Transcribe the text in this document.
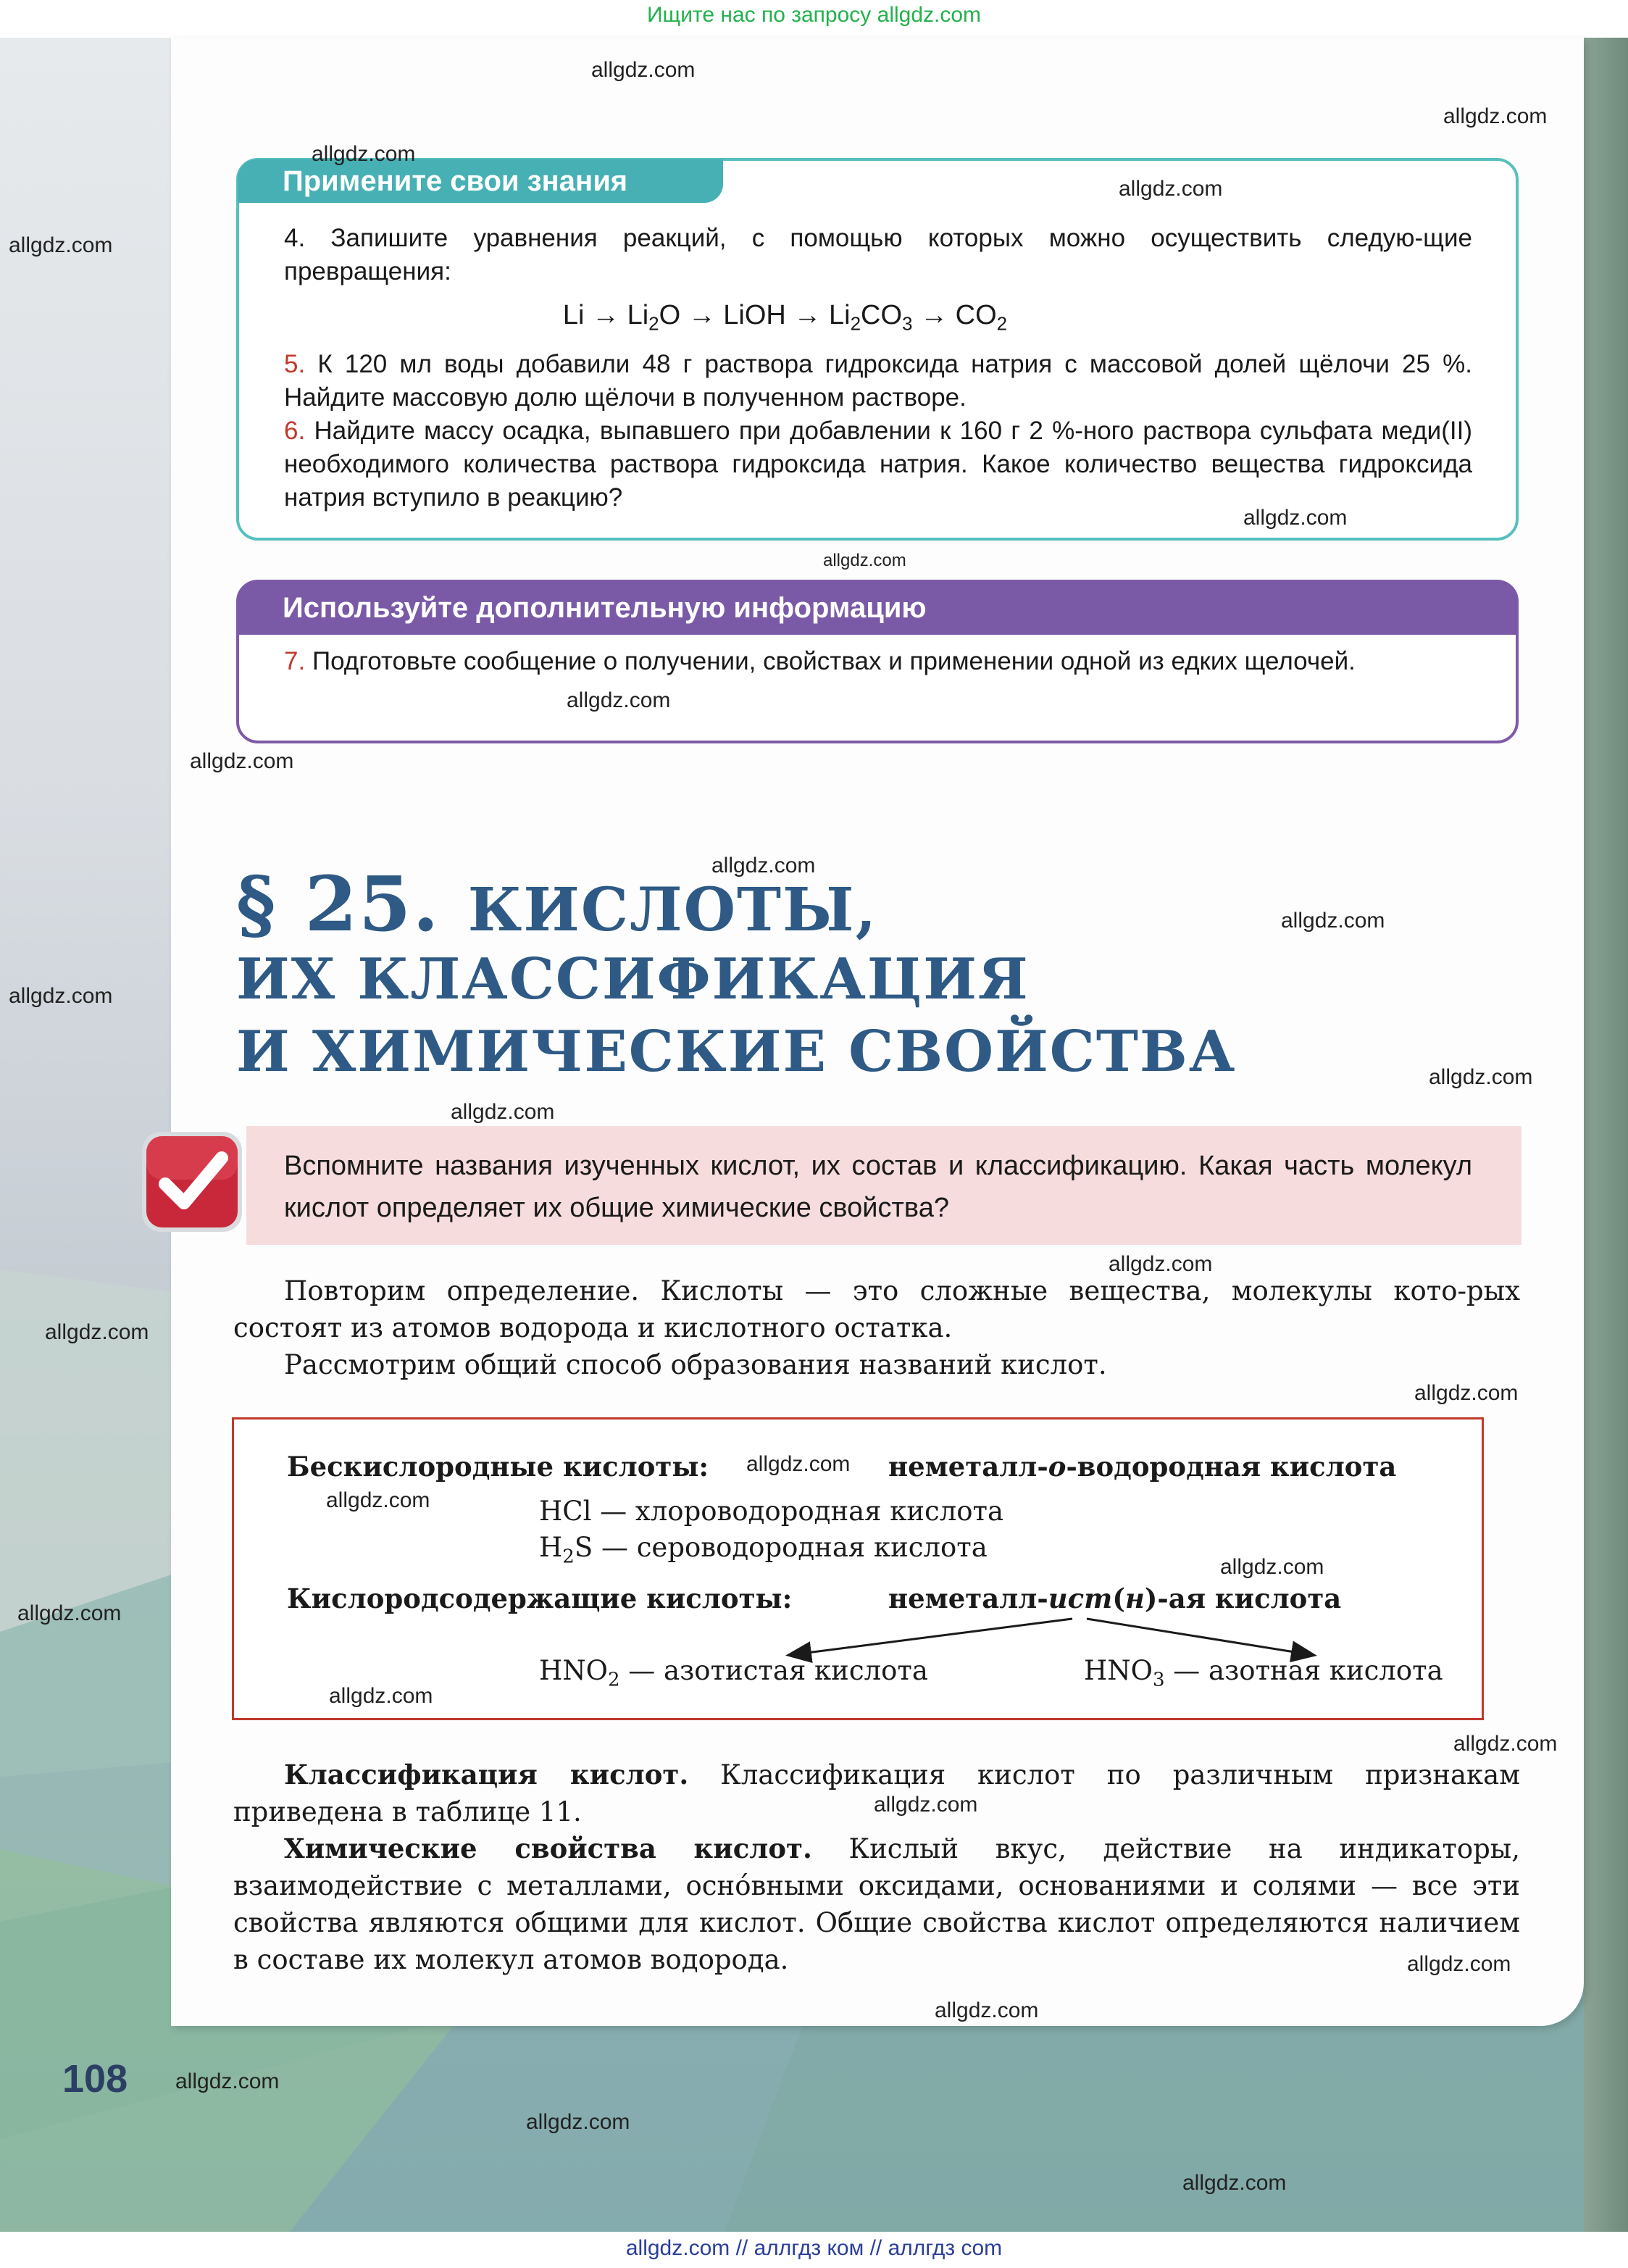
Ищите нас по запросу allgdz.com
Примените свои знания
4. Запишите уравнения реакций, с помощью которых можно осуществить следую-щие превращения:
$Li \to Li_2O$ → LiOH → $Li_2CO_3 \to CO_2$
5. К 120 мл воды добавили 48 г раствора гидроксида натрия с массовой долей щёлочи 25 %. Найдите массовую долю щёлочи в полученном растворе.
6. Найдите массу осадка, выпавшего при добавлении к 160 г 2 %-ного раствора сульфата меди(II) необходимого количества раствора гидроксида натрия. Какое количество вещества гидроксида натрия вступило в реакцию?
Используйте дополнительную информацию
7. Подготовьте сообщение о получении, свойствах и применении одной из едких щелочей.
§ 25. КИСЛОТЫ,
ИХ КЛАССИФИКАЦИЯ
И ХИМИЧЕСКИЕ СВОЙСТВА
Вспомните названия изученных кислот, их состав и классификацию. Какая часть молекул кислот определяет их общие химические свойства?
Повторим определение. Кислоты — это сложные вещества, молекулы кото-рых состоят из атомов водорода и кислотного остатка.
Рассмотрим общий способ образования названий кислот.
Бескислородные кислоты:	неметалл-о-водородная кислота
HCl — хлороводородная кислота
$H_2S$ — сероводородная кислота
Кислородсодержащие кислоты:	неметалл-ист(н)-ая кислота
$HNO_2$ — азотистая кислота	$HNO_3$ — азотная кислота
Классификация кислот. Классификация кислот по различным признакам приведена в таблице 11.
Химические свойства кислот. Кислый вкус, действие на индикаторы, взаимодействие с металлами, осно́вными оксидами, основаниями и солями — все эти свойства являются общими для кислот. Общие свойства кислот определяются наличием в составе их молекул атомов водорода.
108
allgdz.com
allgdz.com
allgdz.com
allgdz.com
allgdz.com
allgdz.com
allgdz.com
allgdz.com
allgdz.com
allgdz.com
allgdz.com
allgdz.com
allgdz.com
allgdz.com
allgdz.com
allgdz.com
allgdz.com
allgdz.com
allgdz.com
allgdz.com
allgdz.com
allgdz.com
allgdz.com
allgdz.com
allgdz.com
allgdz.com
allgdz.com
allgdz.com
allgdz.com
allgdz.com // аллгдз ком // аллгдз com
